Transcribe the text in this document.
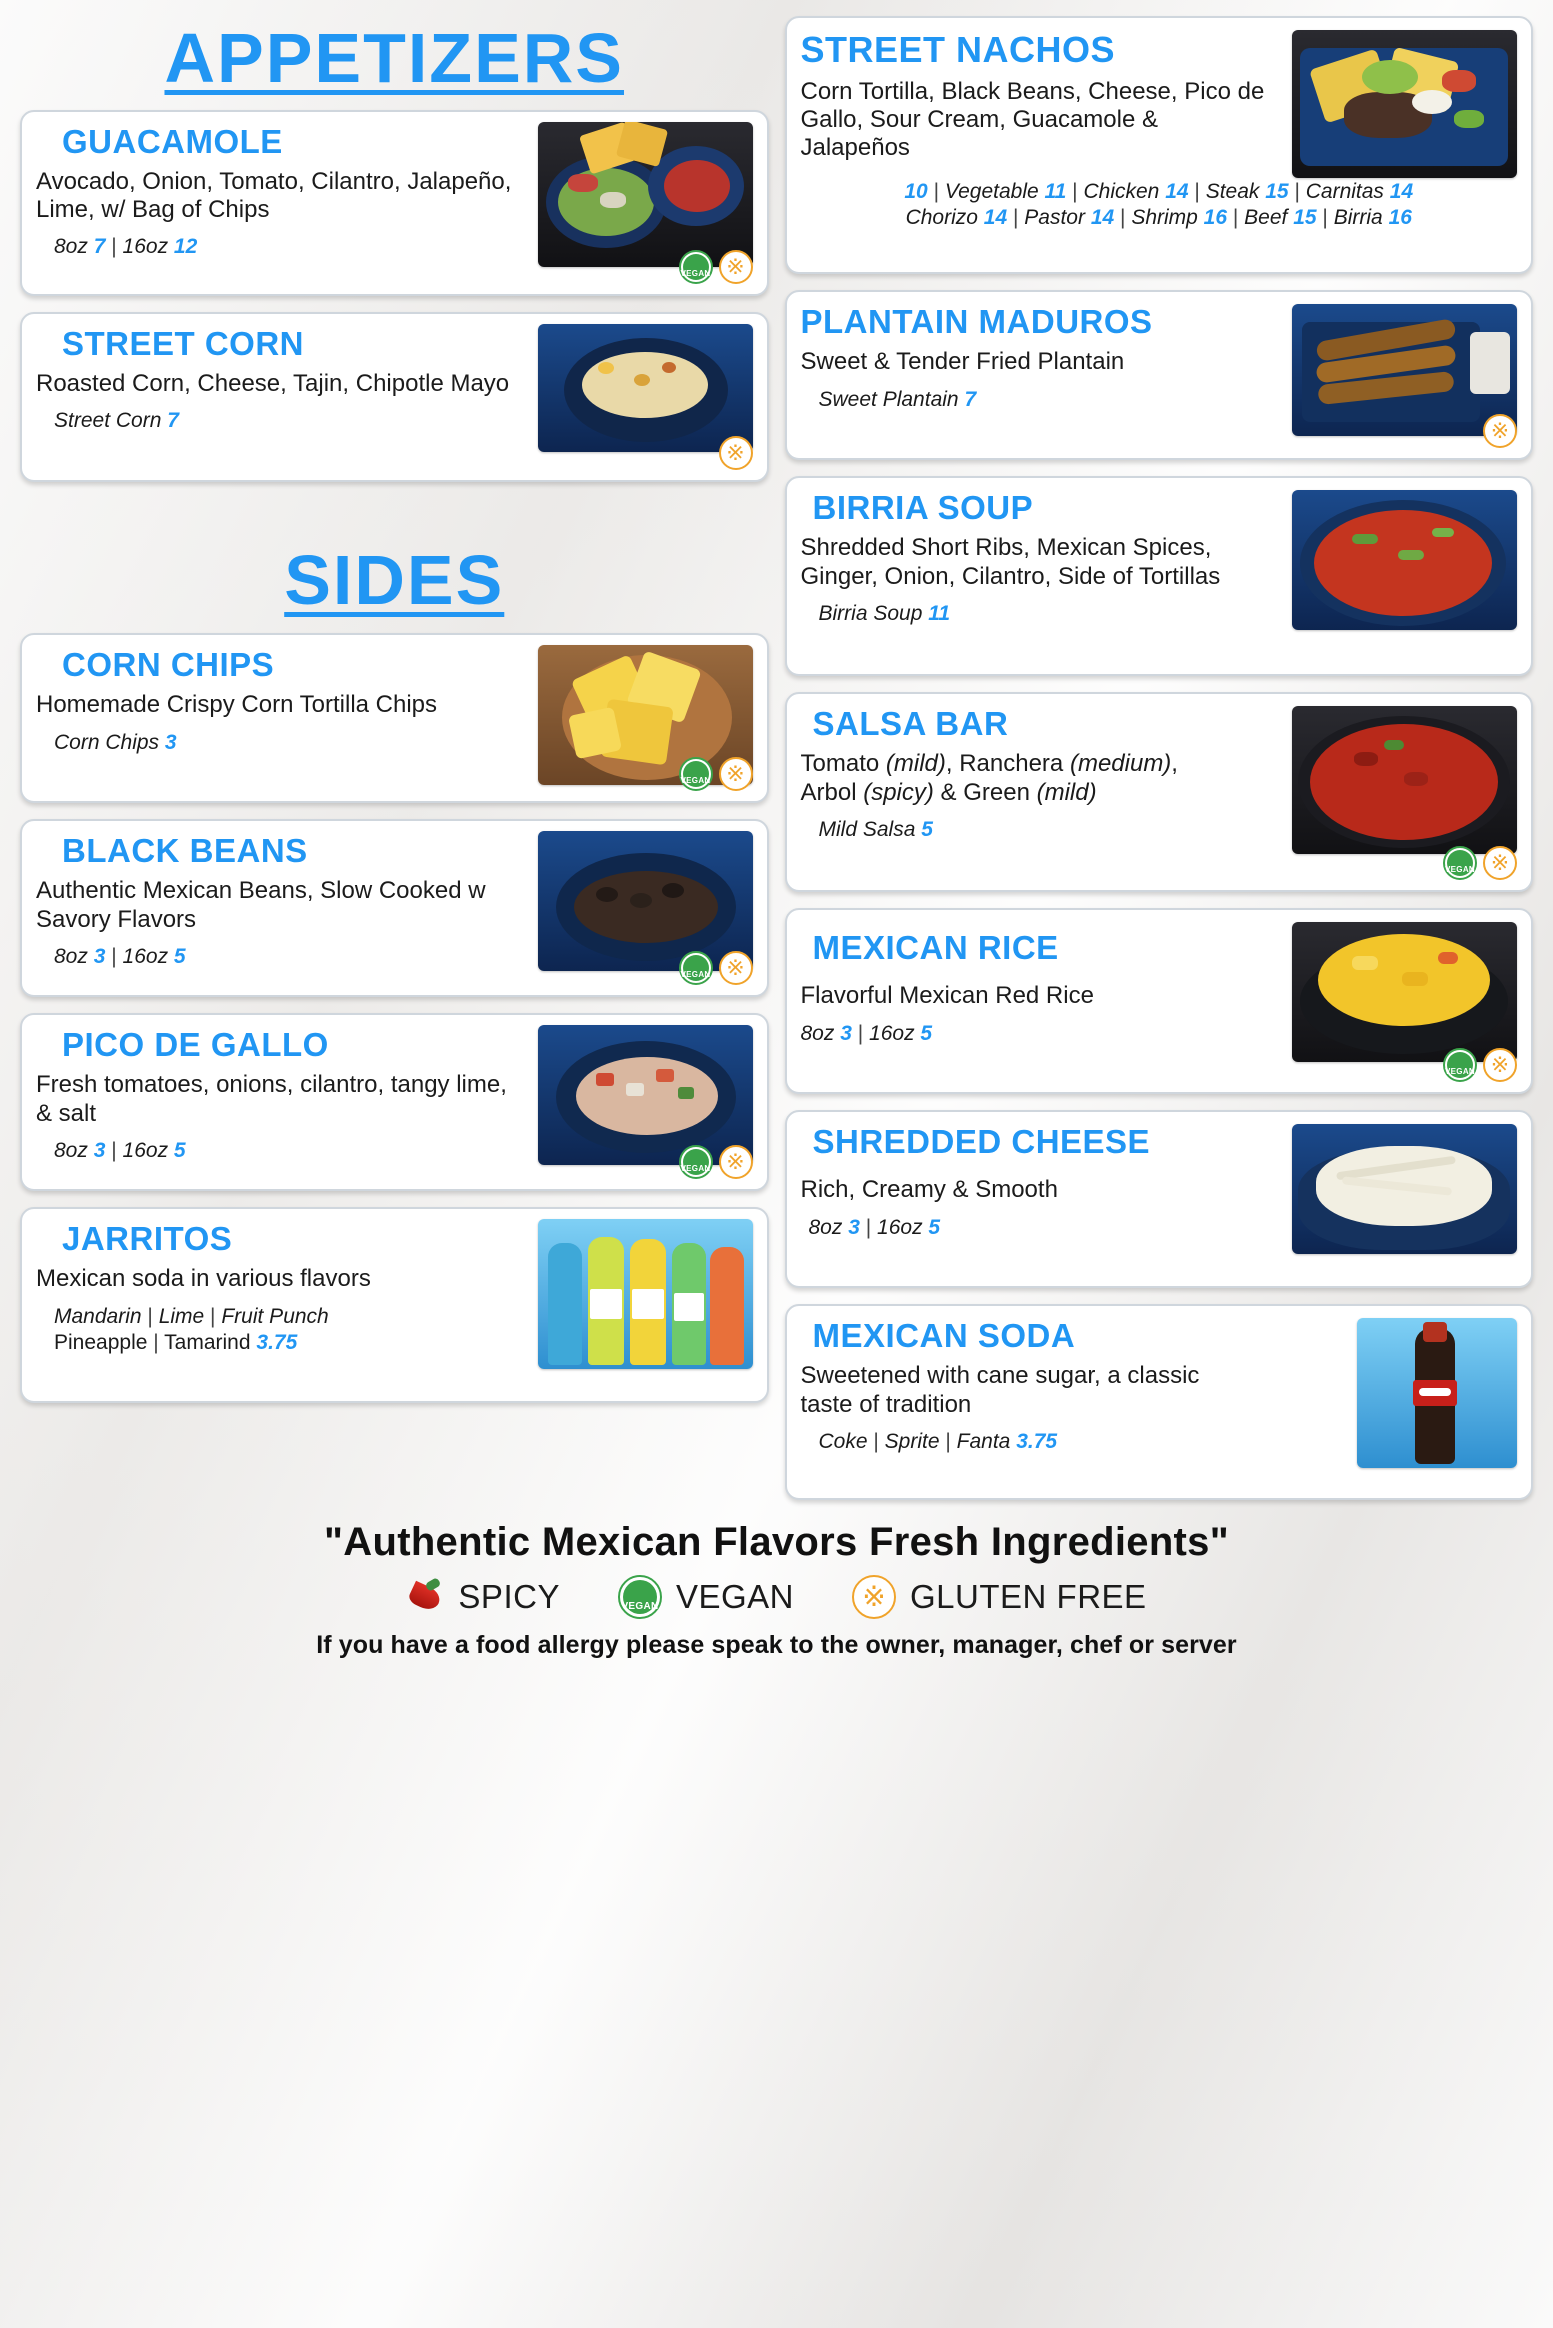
APPETIZERS
GUACAMOLE
Avocado, Onion, Tomato, Cilantro, Jalapeño, Lime, w/ Bag of Chips
8oz 7 | 16oz 12
VEGAN ※
STREET CORN
Roasted Corn, Cheese, Tajin, Chipotle Mayo
Street Corn 7
※
SIDES
CORN CHIPS
Homemade Crispy Corn Tortilla Chips
Corn Chips 3
VEGAN ※
BLACK BEANS
Authentic Mexican Beans, Slow Cooked w Savory Flavors
8oz 3 | 16oz 5
VEGAN ※
PICO DE GALLO
Fresh tomatoes, onions, cilantro, tangy lime, & salt
8oz 3 | 16oz 5
VEGAN ※
JARRITOS
Mexican soda in various flavors
Mandarin | Lime | Fruit Punch
Pineapple | Tamarind 3.75
STREET NACHOS
Corn Tortilla, Black Beans, Cheese, Pico de Gallo, Sour Cream, Guacamole & Jalapeños
10 | Vegetable 11 | Chicken 14 | Steak 15 | Carnitas 14
Chorizo 14 | Pastor 14 | Shrimp 16 | Beef 15 | Birria 16
PLANTAIN MADUROS
Sweet & Tender Fried Plantain
Sweet Plantain 7
※
BIRRIA SOUP
Shredded Short Ribs, Mexican Spices, Ginger, Onion, Cilantro, Side of Tortillas
Birria Soup 11
SALSA BAR
Tomato (mild), Ranchera (medium), Arbol (spicy) & Green (mild)
Mild Salsa 5
VEGAN ※
MEXICAN RICE
Flavorful Mexican Red Rice
8oz 3 | 16oz 5
VEGAN ※
SHREDDED CHEESE
Rich, Creamy & Smooth
8oz 3 | 16oz 5
MEXICAN SODA
Sweetened with cane sugar, a classic taste of tradition
Coke | Sprite | Fanta 3.75
"Authentic Mexican Flavors Fresh Ingredients"
SPICY	VEGAN VEGAN	※ GLUTEN FREE
If you have a food allergy please speak to the owner, manager, chef or server
